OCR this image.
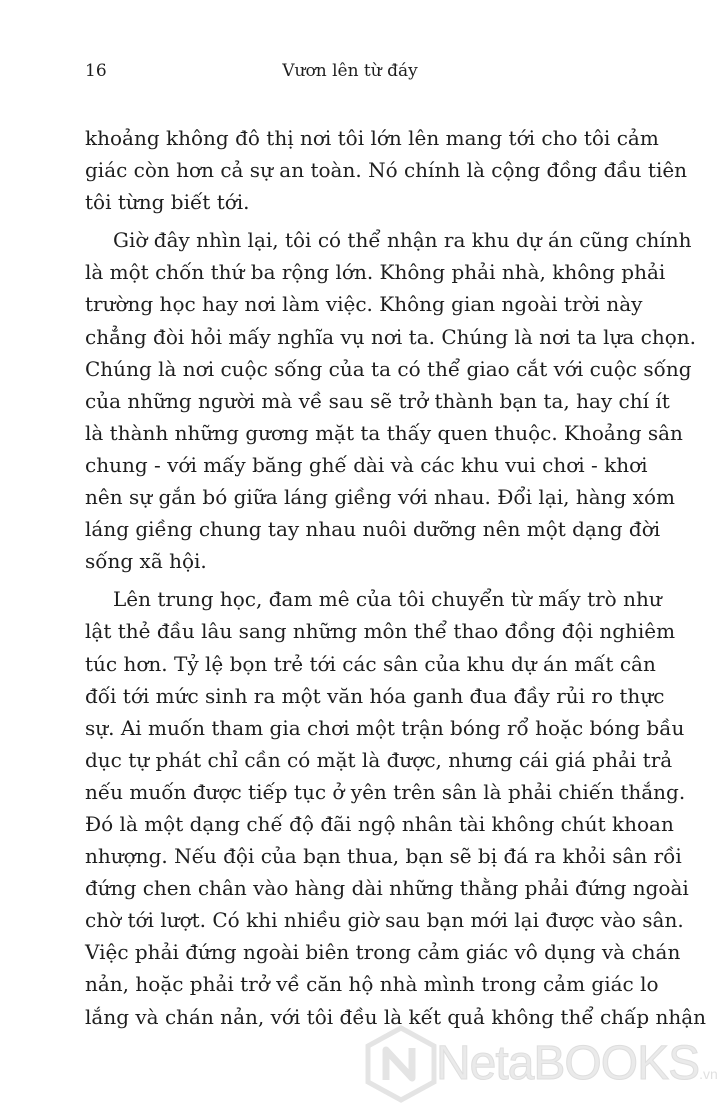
16	Vươn lên từ đáy
khoảng không đô thị nơi tôi lớn lên mang tới cho tôi cảm
giác còn hơn cả sự an toàn. Nó chính là cộng đồng đầu tiên
tôi từng biết tới.
Giờ đây nhìn lại, tôi có thể nhận ra khu dự án cũng chính
là một chốn thứ ba rộng lớn. Không phải nhà, không phải
trường học hay nơi làm việc. Không gian ngoài trời này
chẳng đòi hỏi mấy nghĩa vụ nơi ta. Chúng là nơi ta lựa chọn.
Chúng là nơi cuộc sống của ta có thể giao cắt với cuộc sống
của những người mà về sau sẽ trở thành bạn ta, hay chí ít
là thành những gương mặt ta thấy quen thuộc. Khoảng sân
chung - với mấy băng ghế dài và các khu vui chơi - khơi
nên sự gắn bó giữa láng giềng với nhau. Đổi lại, hàng xóm
láng giềng chung tay nhau nuôi dưỡng nên một dạng đời
sống xã hội.
Lên trung học, đam mê của tôi chuyển từ mấy trò như
lật thẻ đầu lâu sang những môn thể thao đồng đội nghiêm
túc hơn. Tỷ lệ bọn trẻ tới các sân của khu dự án mất cân
đối tới mức sinh ra một văn hóa ganh đua đầy rủi ro thực
sự. Ai muốn tham gia chơi một trận bóng rổ hoặc bóng bầu
dục tự phát chỉ cần có mặt là được, nhưng cái giá phải trả
nếu muốn được tiếp tục ở yên trên sân là phải chiến thắng.
Đó là một dạng chế độ đãi ngộ nhân tài không chút khoan
nhượng. Nếu đội của bạn thua, bạn sẽ bị đá ra khỏi sân rồi
đứng chen chân vào hàng dài những thằng phải đứng ngoài
chờ tới lượt. Có khi nhiều giờ sau bạn mới lại được vào sân.
Việc phải đứng ngoài biên trong cảm giác vô dụng và chán
nản, hoặc phải trở về căn hộ nhà mình trong cảm giác lo
lắng và chán nản, với tôi đều là kết quả không thể chấp nhận
NetaBOOKS.vn
